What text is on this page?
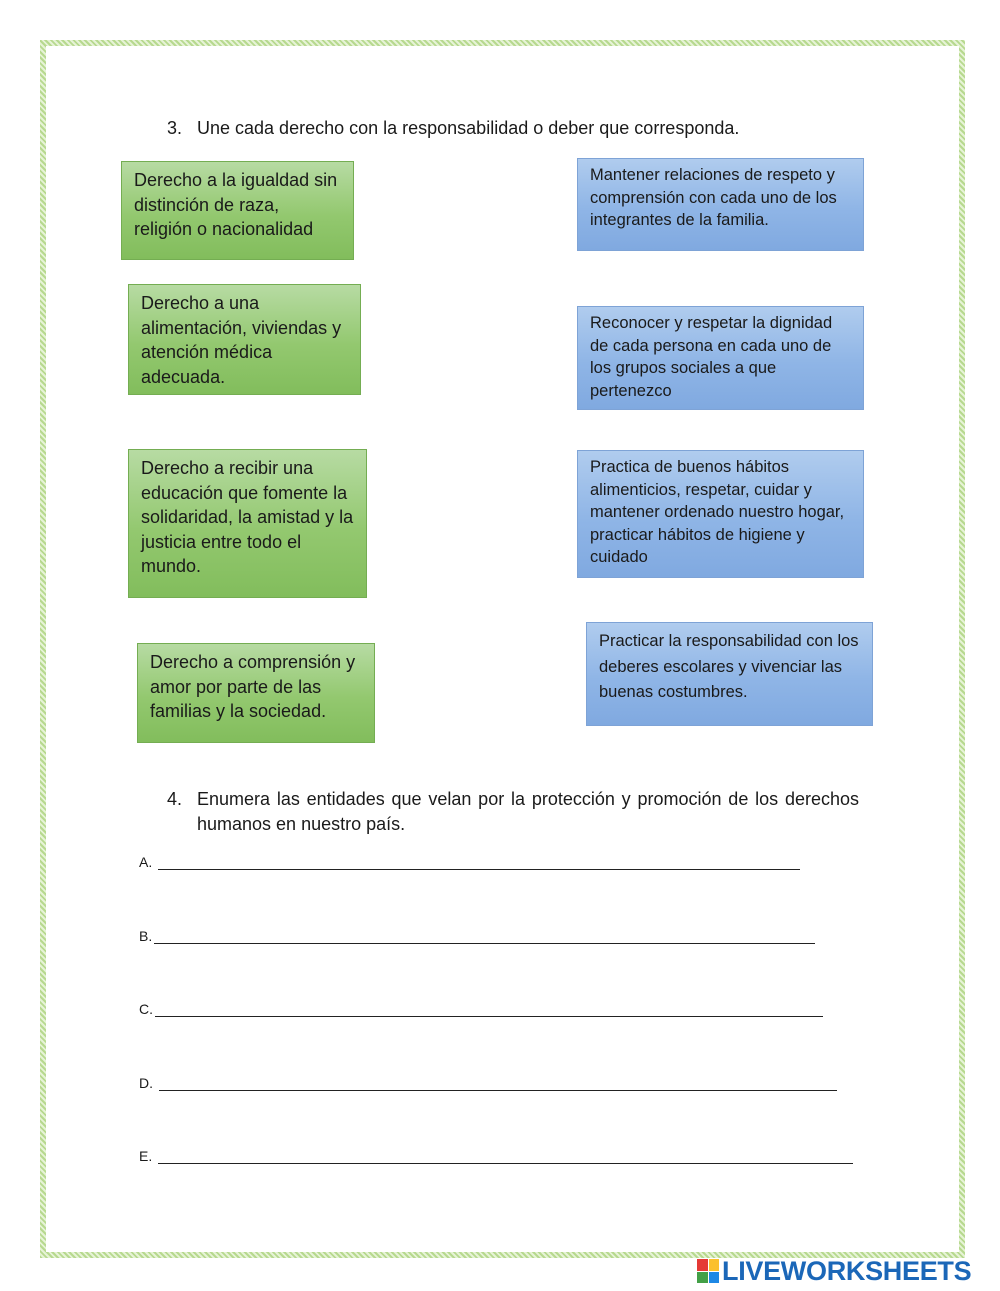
3. Une cada derecho con la responsabilidad o deber que corresponda.
Derecho a la igualdad sin distinción de raza, religión o nacionalidad
Derecho a una alimentación, viviendas y atención médica adecuada.
Derecho a recibir una educación que fomente la solidaridad, la amistad y la justicia entre todo el mundo.
Derecho a comprensión y amor por parte de las familias y la sociedad.
Mantener relaciones de respeto y comprensión con cada uno de los integrantes de la familia.
Reconocer y respetar la dignidad de cada persona en cada uno de los grupos sociales a que pertenezco
Practica de buenos hábitos alimenticios, respetar, cuidar y mantener ordenado nuestro hogar, practicar hábitos de higiene y cuidado
Practicar la responsabilidad con los deberes escolares y vivenciar las buenas costumbres.
4. Enumera las entidades que velan por la protección y promoción de los derechos humanos en nuestro país.
A.
B.
C.
D.
E.
LIVEWORKSHEETS
